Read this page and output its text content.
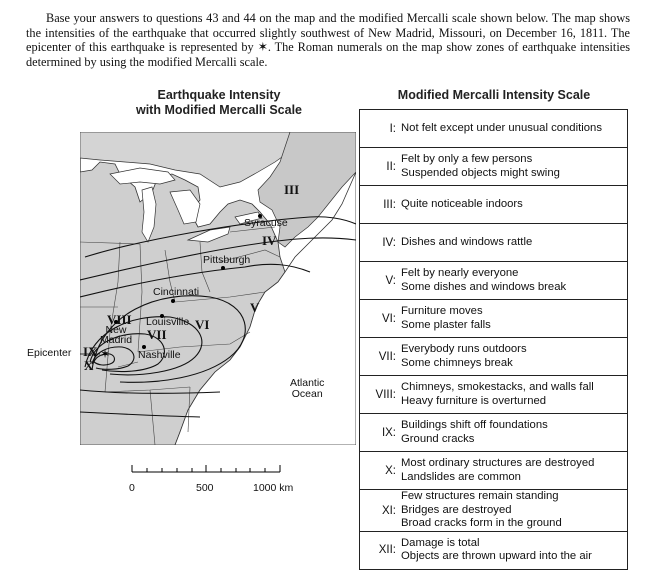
Base your answers to questions 43 and 44 on the map and the modified Mercalli scale shown below. The map shows the intensities of the earthquake that occurred slightly southwest of New Madrid, Missouri, on December 16, 1811. The epicenter of this earthquake is represented by ✶. The Roman numerals on the map show zones of earthquake intensities determined by using the modified Mercalli scale.
Earthquake Intensity
with Modified Mercalli Scale
Modified Mercalli Intensity Scale
✶
Syracuse
Pittsburgh
Cincinnati
Louisville
New Madrid
Nashville
Atlantic
Ocean
Epicenter
III
IV
V
VI
VII
VIII
IX
X
0	500	1000 km
I: Not felt except under unusual conditions
II:
Felt by only a few persons
Suspended objects might swing
III: Quite noticeable indoors
IV: Dishes and windows rattle
V:
Felt by nearly everyone
Some dishes and windows break
VI:
Furniture moves
Some plaster falls
VII:
Everybody runs outdoors
Some chimneys break
VIII:
Chimneys, smokestacks, and walls fall
Heavy furniture is overturned
IX:
Buildings shift off foundations
Ground cracks
X:
Most ordinary structures are destroyed
Landslides are common
XI:
Few structures remain standing
Bridges are destroyed
Broad cracks form in the ground
XII:
Damage is total
Objects are thrown upward into the air
